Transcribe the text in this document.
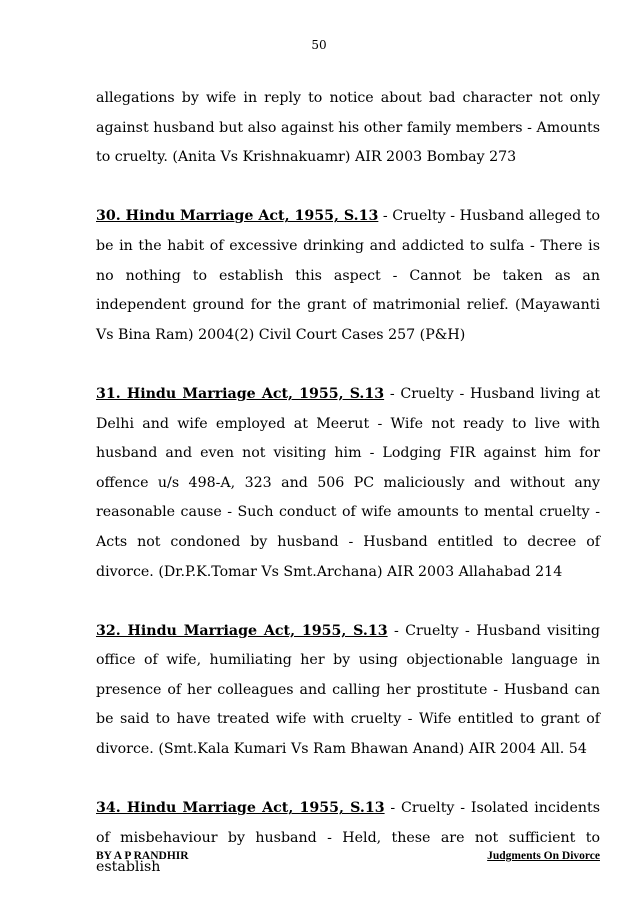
50

allegations by wife in reply to notice about bad character not only against husband but also against his other family members - Amounts to cruelty. (Anita Vs Krishnakuamr) AIR 2003 Bombay 273

30. Hindu Marriage Act, 1955, S.13 - Cruelty - Husband alleged to be in the habit of excessive drinking and addicted to sulfa - There is no nothing to establish this aspect - Cannot be taken as an independent ground for the grant of matrimonial relief. (Mayawanti Vs Bina Ram) 2004(2) Civil Court Cases 257 (P&H)

31. Hindu Marriage Act, 1955, S.13 - Cruelty - Husband living at Delhi and wife employed at Meerut - Wife not ready to live with husband and even not visiting him - Lodging FIR against him for offence u/s 498-A, 323 and 506 PC maliciously and without any reasonable cause - Such conduct of wife amounts to mental cruelty - Acts not condoned by husband - Husband entitled to decree of divorce. (Dr.P.K.Tomar Vs Smt.Archana) AIR 2003 Allahabad 214

32. Hindu Marriage Act, 1955, S.13 - Cruelty - Husband visiting office of wife, humiliating her by using objectionable language in presence of her colleagues and calling her prostitute - Husband can be said to have treated wife with cruelty - Wife entitled to grant of divorce. (Smt.Kala Kumari Vs Ram Bhawan Anand) AIR 2004 All. 54

34. Hindu Marriage Act, 1955, S.13 - Cruelty - Isolated incidents of misbehaviour by husband - Held, these are not sufficient to establish

BY A P RANDHIR	Judgments On Divorce
